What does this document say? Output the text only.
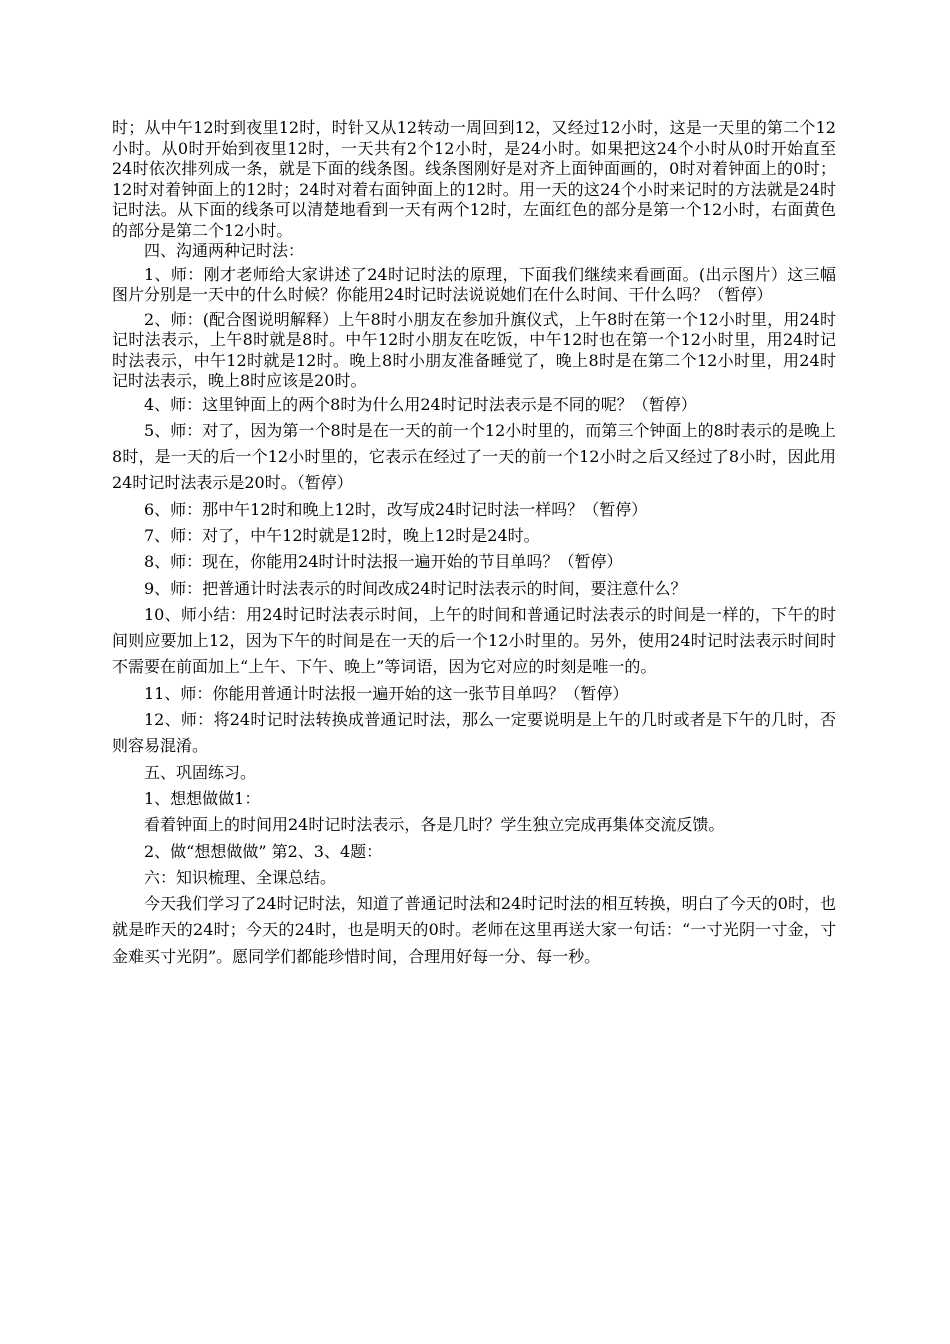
时；从中午12时到夜里12时，时针又从12转动一周回到12，又经过12小时，这是一天里的第二个12小时。从0时开始到夜里12时，一天共有2个12小时，是24小时。如果把这24个小时从0时开始直至24时依次排列成一条，就是下面的线条图。线条图刚好是对齐上面钟面画的，0时对着钟面上的0时；12时对着钟面上的12时；24时对着右面钟面上的12时。用一天的这24个小时来记时的方法就是24时记时法。从下面的线条可以清楚地看到一天有两个12时，左面红色的部分是第一个12小时，右面黄色的部分是第二个12小时。

四、沟通两种记时法：

1、师：刚才老师给大家讲述了24时记时法的原理，下面我们继续来看画面。(出示图片）这三幅图片分别是一天中的什么时候？你能用24时记时法说说她们在什么时间、干什么吗？（暂停）

2、师：(配合图说明解释）上午8时小朋友在参加升旗仪式，上午8时在第一个12小时里，用24时记时法表示，上午8时就是8时。中午12时小朋友在吃饭，中午12时也在第一个12小时里，用24时记时法表示，中午12时就是12时。晚上8时小朋友准备睡觉了，晚上8时是在第二个12小时里，用24时记时法表示，晚上8时应该是20时。

4、师：这里钟面上的两个8时为什么用24时记时法表示是不同的呢？（暂停）

5、师：对了，因为第一个8时是在一天的前一个12小时里的，而第三个钟面上的8时表示的是晚上8时，是一天的后一个12小时里的，它表示在经过了一天的前一个12小时之后又经过了8小时，因此用24时记时法表示是20时。（暂停）

6、师：那中午12时和晚上12时，改写成24时记时法一样吗？（暂停）

7、师：对了，中午12时就是12时，晚上12时是24时。

8、师：现在，你能用24时计时法报一遍开始的节目单吗？（暂停）

9、师：把普通计时法表示的时间改成24时记时法表示的时间，要注意什么？

10、师小结：用24时记时法表示时间，上午的时间和普通记时法表示的时间是一样的，下午的时间则应要加上12，因为下午的时间是在一天的后一个12小时里的。另外，使用24时记时法表示时间时不需要在前面加上“上午、下午、晚上”等词语，因为它对应的时刻是唯一的。

11、师：你能用普通计时法报一遍开始的这一张节目单吗？（暂停）

12、师：将24时记时法转换成普通记时法，那么一定要说明是上午的几时或者是下午的几时，否则容易混淆。

五、巩固练习。

1、想想做做1：

看着钟面上的时间用24时记时法表示，各是几时？学生独立完成再集体交流反馈。

2、做“想想做做” 第2、3、4题：

六：知识梳理、全课总结。

今天我们学习了24时记时法，知道了普通记时法和24时记时法的相互转换，明白了今天的0时，也就是昨天的24时；今天的24时，也是明天的0时。老师在这里再送大家一句话：“一寸光阴一寸金，寸金难买寸光阴”。愿同学们都能珍惜时间，合理用好每一分、每一秒。
